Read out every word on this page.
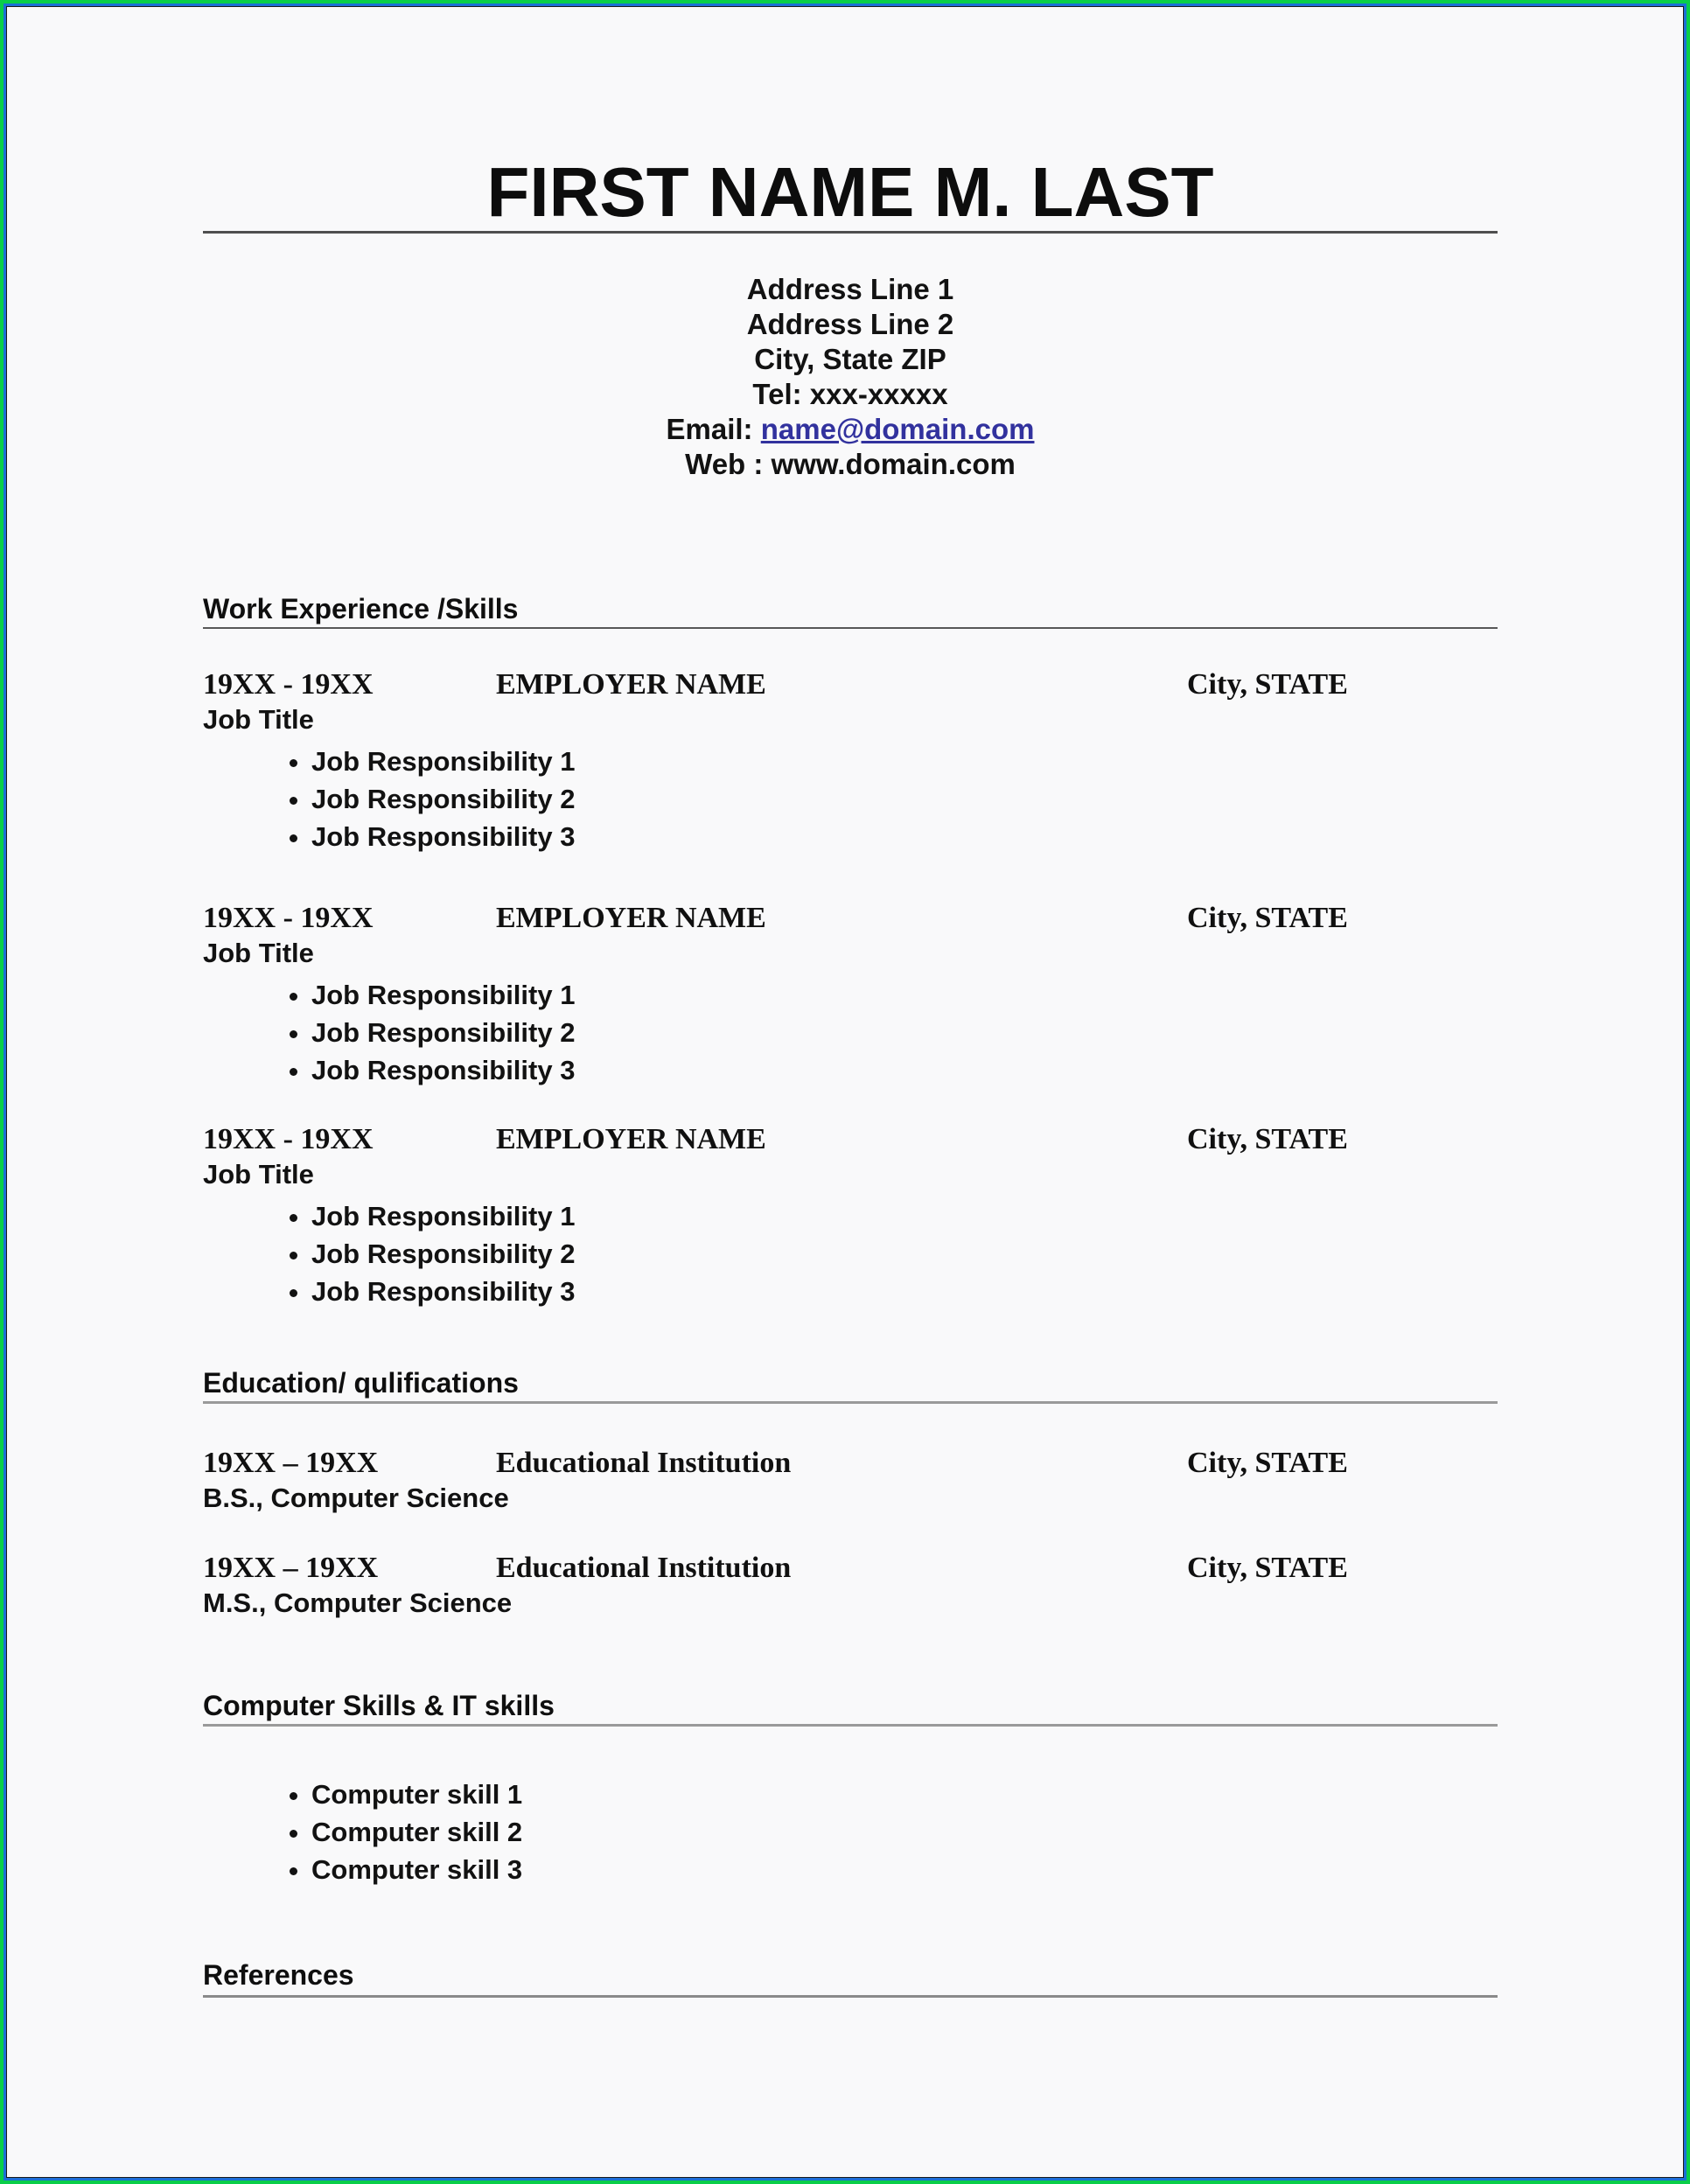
FIRST NAME M. LAST
Address Line 1
Address Line 2
City, State ZIP
Tel: xxx-xxxxx
Email: name@domain.com
Web : www.domain.com
Work Experience /Skills
19XX - 19XX	EMPLOYER NAME	City, STATE
Job Title
• Job Responsibility 1
• Job Responsibility 2
• Job Responsibility 3
19XX - 19XX	EMPLOYER NAME	City, STATE
Job Title
• Job Responsibility 1
• Job Responsibility 2
• Job Responsibility 3
19XX - 19XX	EMPLOYER NAME	City, STATE
Job Title
• Job Responsibility 1
• Job Responsibility 2
• Job Responsibility 3
Education/ qulifications
19XX – 19XX	Educational Institution	City, STATE
B.S., Computer Science
19XX – 19XX	Educational Institution	City, STATE
M.S., Computer Science
Computer Skills & IT skills
• Computer skill 1
• Computer skill 2
• Computer skill 3
References
